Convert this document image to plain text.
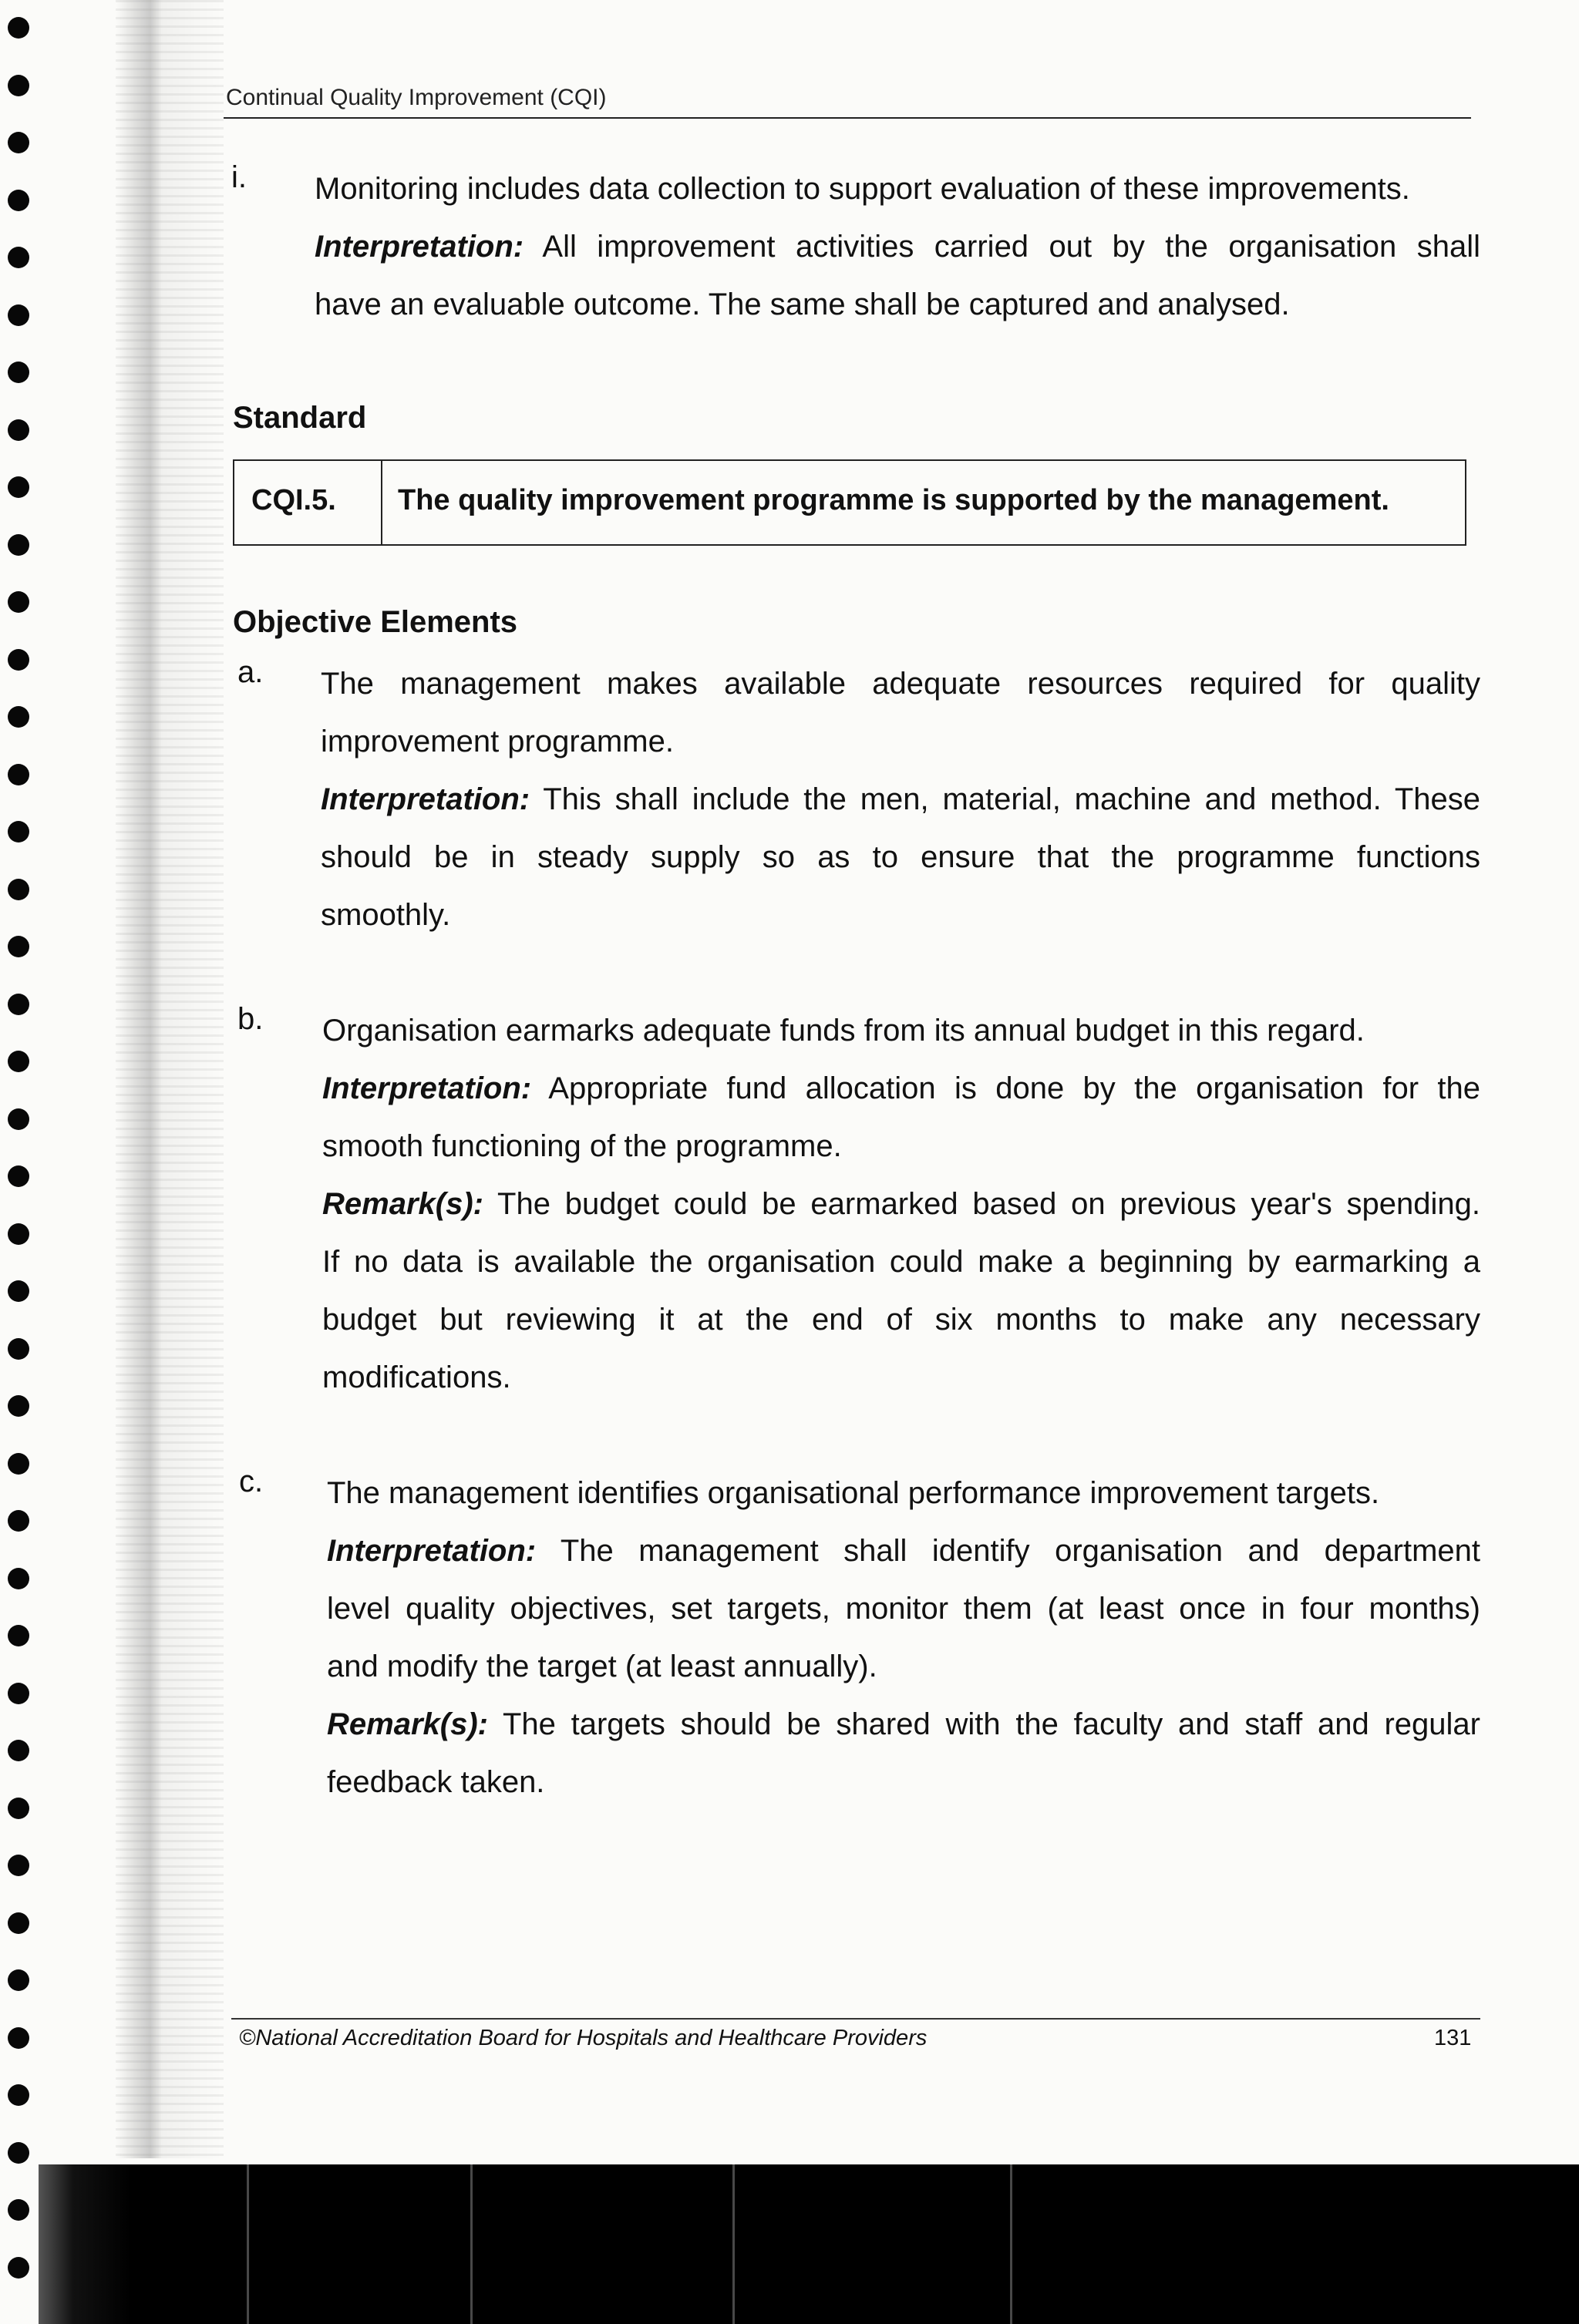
Continual Quality Improvement (CQI)
i. Monitoring includes data collection to support evaluation of these improvements.
Interpretation: All improvement activities carried out by the organisation shall
have an evaluable outcome. The same shall be captured and analysed.
Standard
CQI.5. The quality improvement programme is supported by the management.
Objective Elements
a. The management makes available adequate resources required for quality
improvement programme.
Interpretation: This shall include the men, material, machine and method. These
should be in steady supply so as to ensure that the programme functions
smoothly.
b. Organisation earmarks adequate funds from its annual budget in this regard.
Interpretation: Appropriate fund allocation is done by the organisation for the
smooth functioning of the programme.
Remark(s): The budget could be earmarked based on previous year's spending.
If no data is available the organisation could make a beginning by earmarking a
budget but reviewing it at the end of six months to make any necessary
modifications.
c. The management identifies organisational performance improvement targets.
Interpretation: The management shall identify organisation and department
level quality objectives, set targets, monitor them (at least once in four months)
and modify the target (at least annually).
Remark(s): The targets should be shared with the faculty and staff and regular
feedback taken.
©National Accreditation Board for Hospitals and Healthcare Providers	131
